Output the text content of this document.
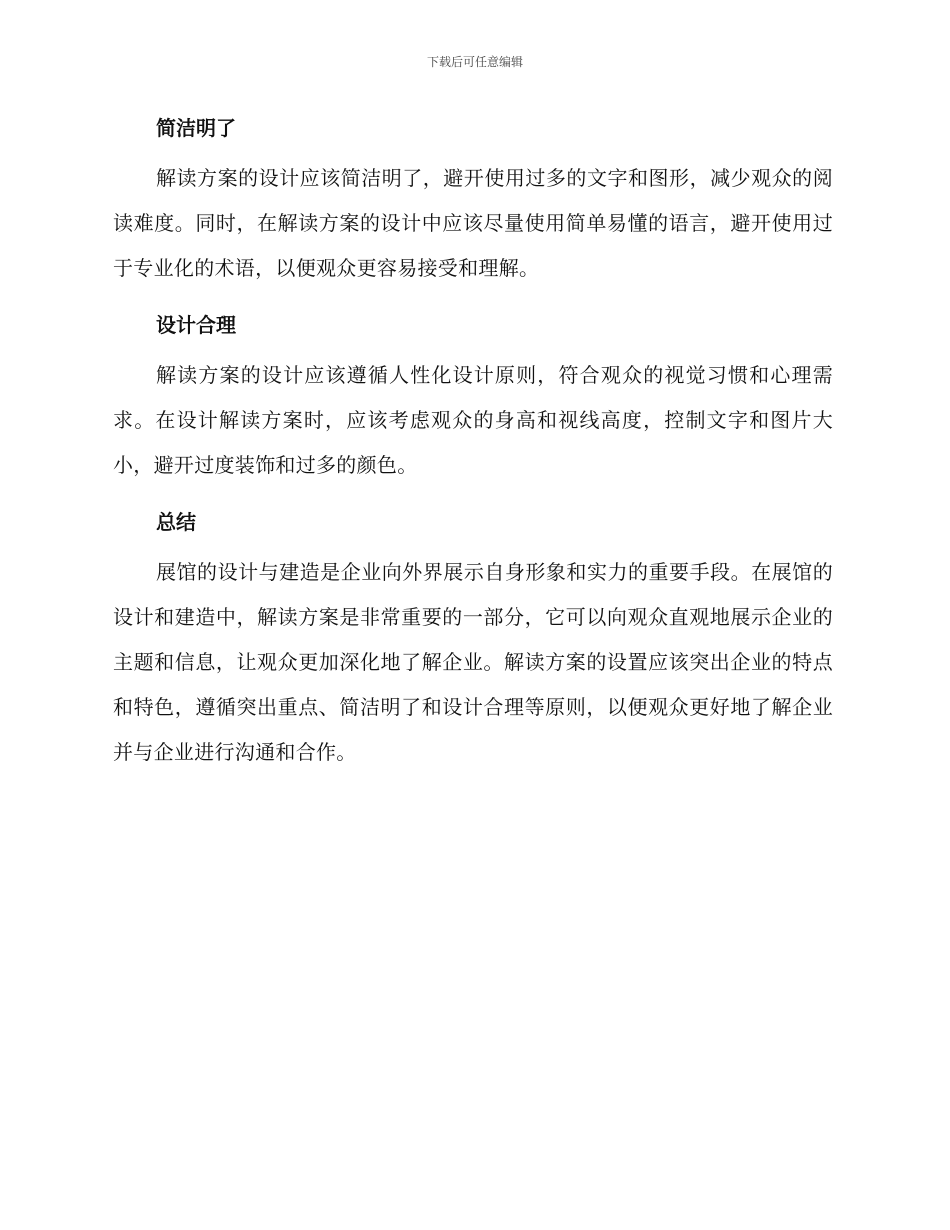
下载后可任意编辑
简洁明了

解读方案的设计应该简洁明了，避开使用过多的文字和图形，减少观众的阅读难度。同时，在解读方案的设计中应该尽量使用简单易懂的语言，避开使用过于专业化的术语，以便观众更容易接受和理解。

设计合理

解读方案的设计应该遵循人性化设计原则，符合观众的视觉习惯和心理需求。在设计解读方案时，应该考虑观众的身高和视线高度，控制文字和图片大小，避开过度装饰和过多的颜色。

总结

展馆的设计与建造是企业向外界展示自身形象和实力的重要手段。在展馆的设计和建造中，解读方案是非常重要的一部分，它可以向观众直观地展示企业的主题和信息，让观众更加深化地了解企业。解读方案的设置应该突出企业的特点和特色，遵循突出重点、简洁明了和设计合理等原则，以便观众更好地了解企业并与企业进行沟通和合作。
